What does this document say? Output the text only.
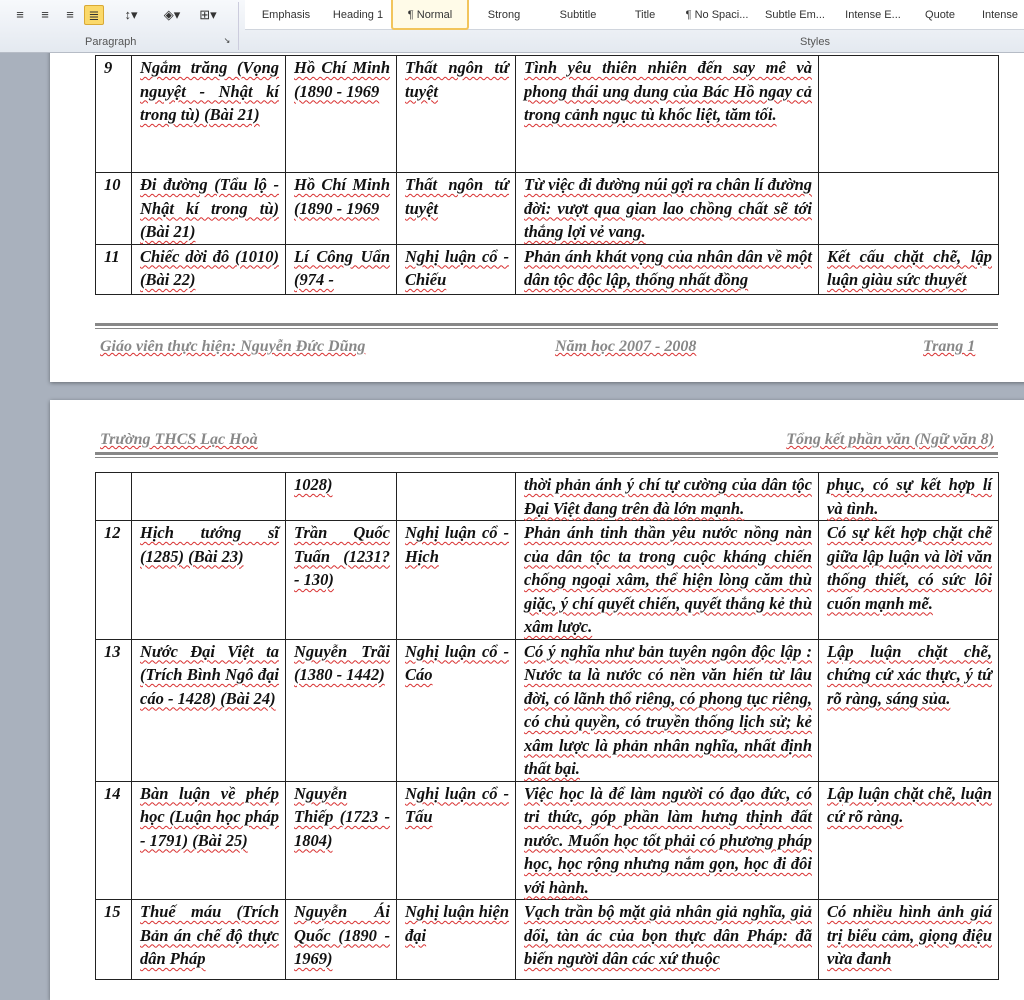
≡	≡	≡	≣	↕▾	◈▾	⊞▾
Paragraph	↘
Emphasis	Heading 1	¶ Normal	Strong	Subtitle	Title	¶ No Spaci...	Subtle Em...	Intense E...	Quote	Intense
Styles
9	Ngắm trăng (Vọng nguyệt - Nhật kí trong tù) (Bài 21)	Hồ Chí Minh (1890 - 1969	Thất ngôn tứ tuyệt	Tình yêu thiên nhiên đến say mê và phong thái ung dung của Bác Hồ ngay cả trong cảnh ngục tù khốc liệt, tăm tối.	
10	Đi đường (Tẩu lộ - Nhật kí trong tù)(Bài 21)	Hồ Chí Minh (1890 - 1969	Thất ngôn tứ tuyệt	Từ việc đi đường núi gợi ra chân lí đường đời: vượt qua gian lao chồng chất sẽ tới thắng lợi vẻ vang.	
11	Chiếc dời đô (1010)(Bài 22)	Lí Công Uẩn (974 -	Nghị luận cổ - Chiếu	Phản ánh khát vọng của nhân dân về một dân tộc độc lập, thống nhất đồng	Kết cấu chặt chẽ, lập luận giàu sức thuyết
Giáo viên thực hiện: Nguyễn Đức Dũng	Năm học 2007 - 2008	Trang 1
Trường THCS Lạc Hoà	Tổng kết phần văn (Ngữ văn 8)
		1028)		thời phản ánh ý chí tự cường của dân tộc Đại Việt đang trên đà lớn mạnh.	phục, có sự kết hợp lí và tình.
12	Hịch tướng sĩ (1285) (Bài 23)	Trần Quốc Tuấn (1231? - 130)	Nghị luận cổ - Hịch	Phản ánh tinh thần yêu nước nồng nàn của dân tộc ta trong cuộc kháng chiến chống ngoại xâm, thể hiện lòng căm thù giặc, ý chí quyết chiến, quyết thắng kẻ thù xâm lược.	Có sự kết hợp chặt chẽ giữa lập luận và lời văn thống thiết, có sức lôi cuốn mạnh mẽ.
13	Nước Đại Việt ta (Trích Bình Ngô đại cáo - 1428) (Bài 24)	Nguyễn Trãi (1380 - 1442)	Nghị luận cổ - Cáo	Có ý nghĩa như bản tuyên ngôn độc lập : Nước ta là nước có nền văn hiến từ lâu đời, có lãnh thổ riêng, có phong tục riêng, có chủ quyền, có truyền thống lịch sử; kẻ xâm lược là phản nhân nghĩa, nhất định thất bại.	Lập luận chặt chẽ, chứng cứ xác thực, ý tứ rõ ràng, sáng sủa.
14	Bàn luận về phép học (Luận học pháp - 1791) (Bài 25)	Nguyễn Thiếp (1723 - 1804)	Nghị luận cổ - Tấu	Việc học là để làm người có đạo đức, có tri thức, góp phần làm hưng thịnh đất nước. Muốn học tốt phải có phương pháp học, học rộng nhưng nắm gọn, học đi đôi với hành.	Lập luận chặt chẽ, luận cứ rõ ràng.
15	Thuế máu (Trích Bản án chế độ thực dân Pháp	Nguyễn Ái Quốc (1890 - 1969)	Nghị luận hiện đại	Vạch trần bộ mặt giả nhân giả nghĩa, giả dối, tàn ác của bọn thực dân Pháp: đã biến người dân các xứ thuộc	Có nhiều hình ảnh giá trị biểu cảm, giọng điệu vừa đanh
